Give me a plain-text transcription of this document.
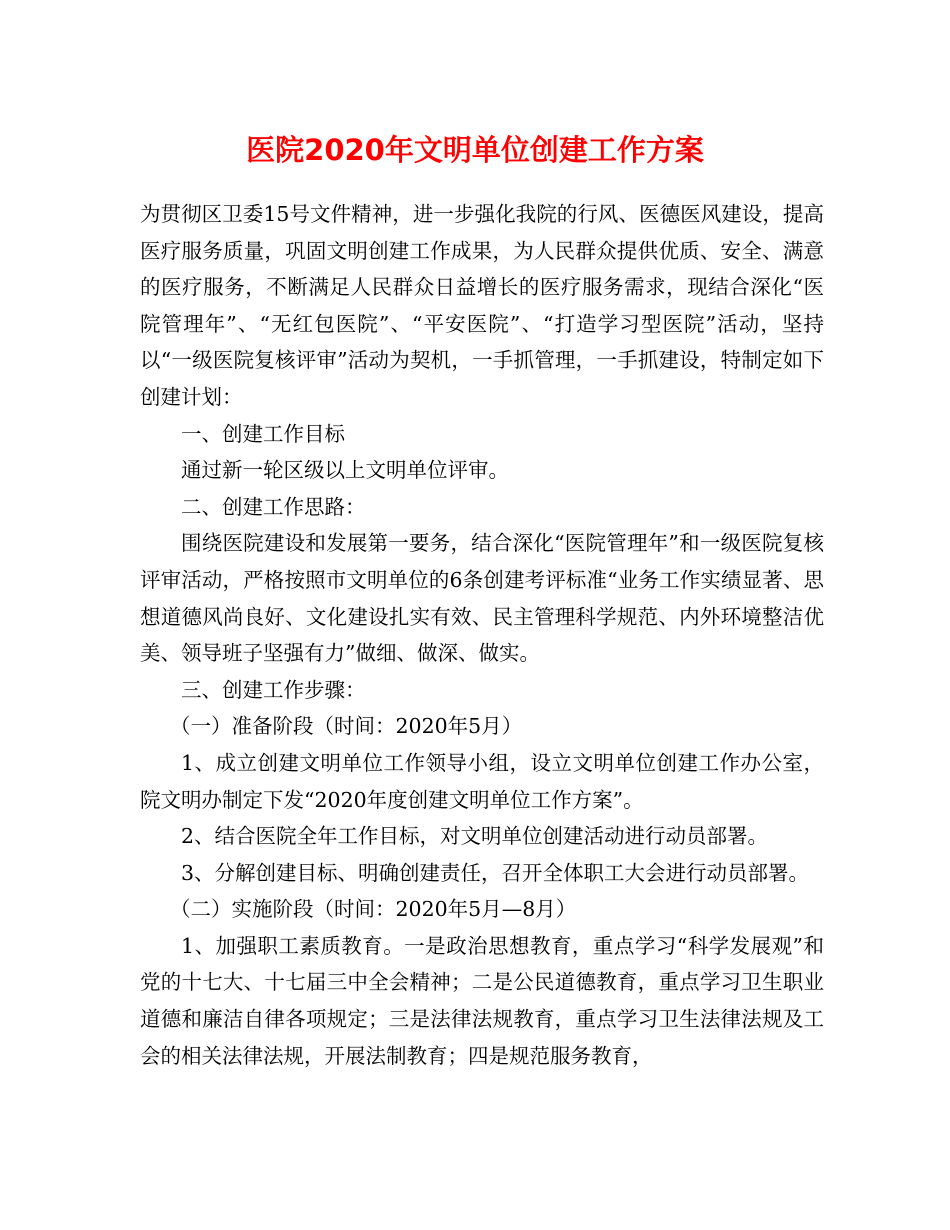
医院2020年文明单位创建工作方案

为贯彻区卫委15号文件精神，进一步强化我院的行风、医德医风建设，提高医疗服务质量，巩固文明创建工作成果，为人民群众提供优质、安全、满意的医疗服务，不断满足人民群众日益增长的医疗服务需求，现结合深化“医院管理年”、“无红包医院”、“平安医院”、“打造学习型医院”活动，坚持以“一级医院复核评审”活动为契机，一手抓管理，一手抓建设，特制定如下创建计划：

一、创建工作目标

通过新一轮区级以上文明单位评审。

二、创建工作思路：

围绕医院建设和发展第一要务，结合深化“医院管理年”和一级医院复核评审活动，严格按照市文明单位的6条创建考评标准“业务工作实绩显著、思想道德风尚良好、文化建设扎实有效、民主管理科学规范、内外环境整洁优美、领导班子坚强有力”做细、做深、做实。

三、创建工作步骤：

（一）准备阶段（时间：2020年5月）

1、成立创建文明单位工作领导小组，设立文明单位创建工作办公室，院文明办制定下发“2020年度创建文明单位工作方案”。

2、结合医院全年工作目标，对文明单位创建活动进行动员部署。

3、分解创建目标、明确创建责任，召开全体职工大会进行动员部署。

（二）实施阶段（时间：2020年5月—8月）

1、加强职工素质教育。一是政治思想教育，重点学习“科学发展观”和党的十七大、十七届三中全会精神；二是公民道德教育，重点学习卫生职业道德和廉洁自律各项规定；三是法律法规教育，重点学习卫生法律法规及工会的相关法律法规，开展法制教育；四是规范服务教育，
